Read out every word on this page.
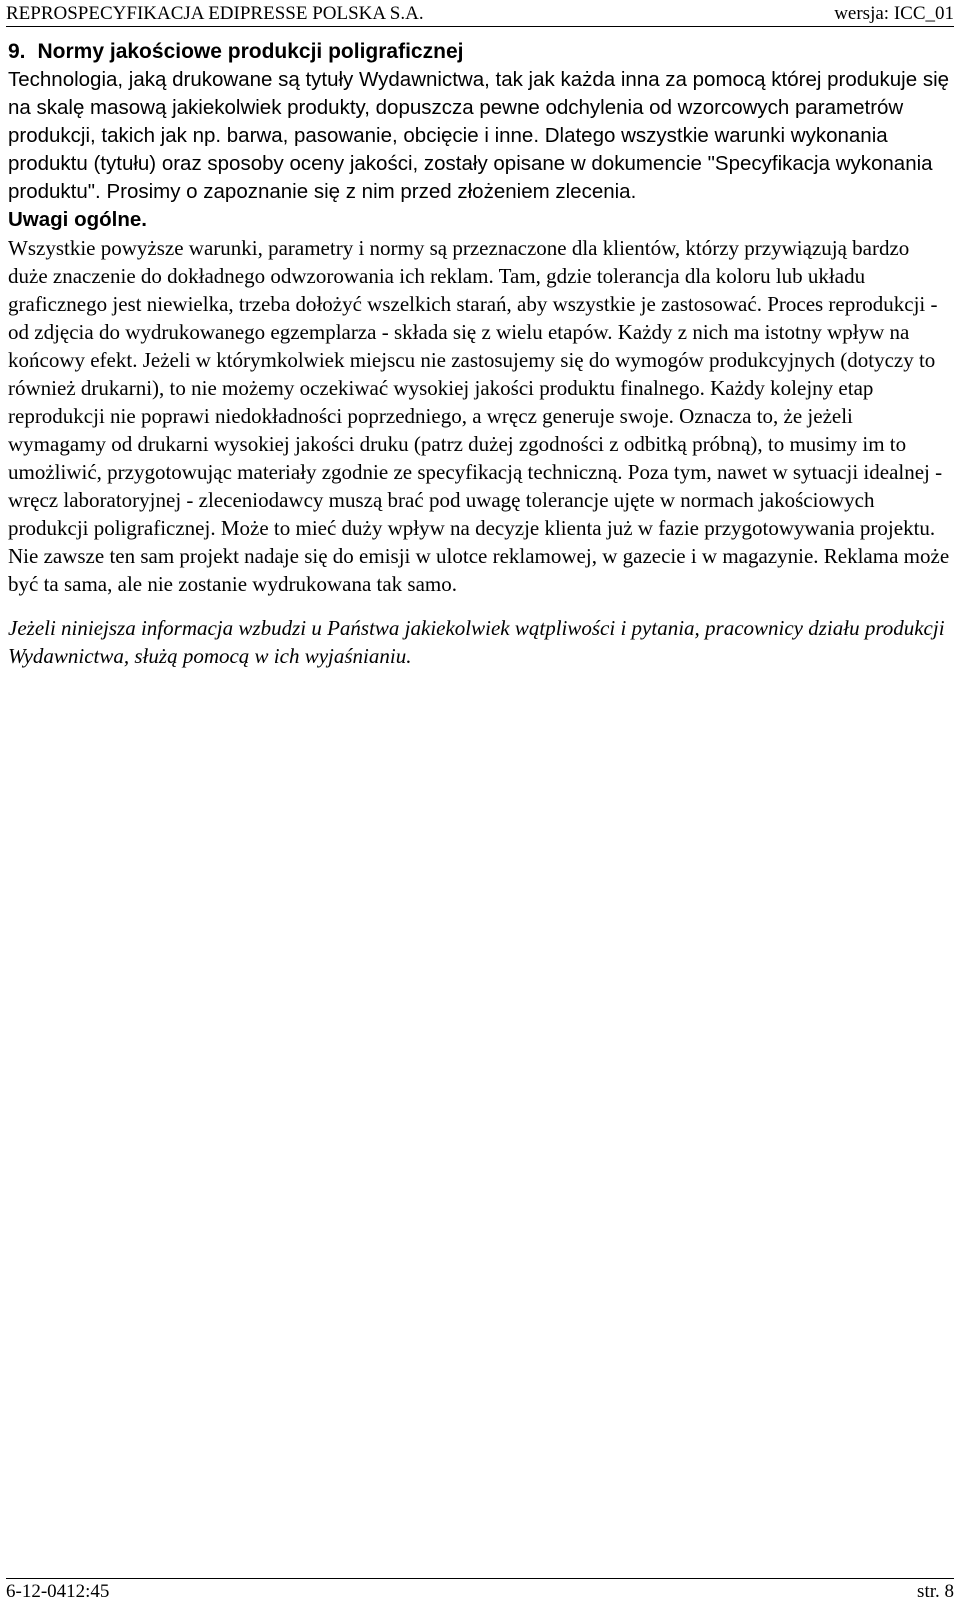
REPROSPECYFIKACJA EDIPRESSE POLSKA S.A.	wersja: ICC_01
9. Normy jakościowe produkcji poligraficznej

Technologia, jaką drukowane są tytuły Wydawnictwa, tak jak każda inna za pomocą której produkuje się na skalę masową jakiekolwiek produkty, dopuszcza pewne odchylenia od wzorcowych parametrów produkcji, takich jak np. barwa, pasowanie, obcięcie i inne. Dlatego wszystkie warunki wykonania produktu (tytułu) oraz sposoby oceny jakości, zostały opisane w dokumencie "Specyfikacja wykonania produktu". Prosimy o zapoznanie się z nim przed złożeniem zlecenia.

Uwagi ogólne.

Wszystkie powyższe warunki, parametry i normy są przeznaczone dla klientów, którzy przywiązują bardzo duże znaczenie do dokładnego odwzorowania ich reklam. Tam, gdzie tolerancja dla koloru lub układu graficznego jest niewielka, trzeba dołożyć wszelkich starań, aby wszystkie je zastosować. Proces reprodukcji - od zdjęcia do wydrukowanego egzemplarza - składa się z wielu etapów. Każdy z nich ma istotny wpływ na końcowy efekt. Jeżeli w którymkolwiek miejscu nie zastosujemy się do wymogów produkcyjnych (dotyczy to również drukarni), to nie możemy oczekiwać wysokiej jakości produktu finalnego. Każdy kolejny etap reprodukcji nie poprawi niedokładności poprzedniego, a wręcz generuje swoje. Oznacza to, że jeżeli wymagamy od drukarni wysokiej jakości druku (patrz dużej zgodności z odbitką próbną), to musimy im to umożliwić, przygotowując materiały zgodnie ze specyfikacją techniczną. Poza tym, nawet w sytuacji idealnej - wręcz laboratoryjnej - zleceniodawcy muszą brać pod uwagę tolerancje ujęte w normach jakościowych produkcji poligraficznej. Może to mieć duży wpływ na decyzje klienta już w fazie przygotowywania projektu. Nie zawsze ten sam projekt nadaje się do emisji w ulotce reklamowej, w gazecie i w magazynie. Reklama może być ta sama, ale nie zostanie wydrukowana tak samo.

Jeżeli niniejsza informacja wzbudzi u Państwa jakiekolwiek wątpliwości i pytania, pracownicy działu produkcji Wydawnictwa, służą pomocą w ich wyjaśnianiu.

6-12-0412:45	str. 8
